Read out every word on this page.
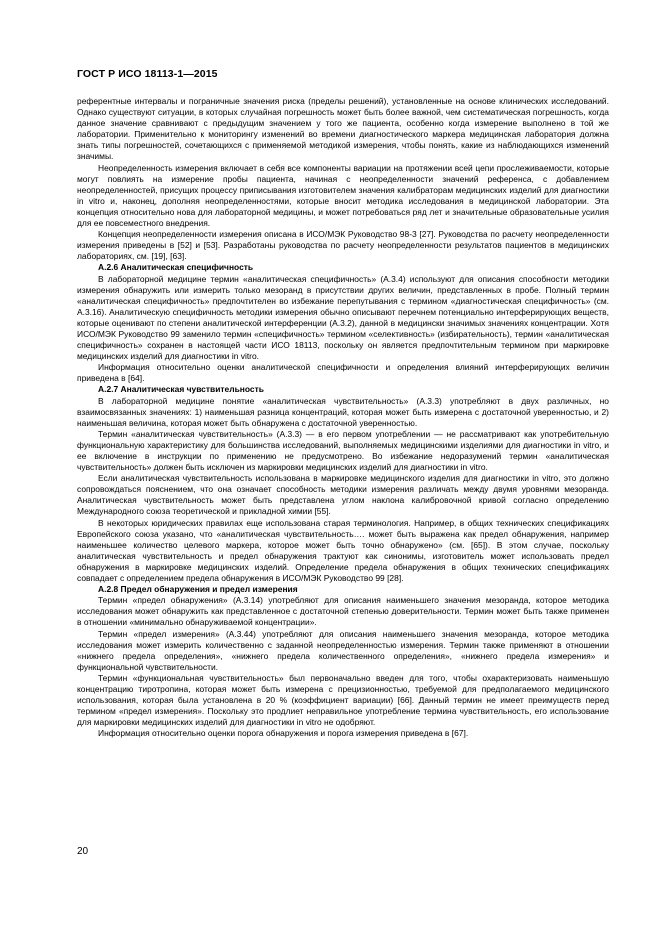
ГОСТ Р ИСО 18113-1—2015

референтные интервалы и пограничные значения риска (пределы решений), установленные на основе клинических исследований. Однако существуют ситуации, в которых случайная погрешность может быть более важной, чем систематическая погрешность, когда данное значение сравнивают с предыдущим значением у того же пациента, особенно когда измерение выполнено в той же лаборатории. Применительно к мониторингу изменений во времени диагностического маркера медицинская лаборатория должна знать типы погрешностей, сочетающихся с применяемой методикой измерения, чтобы понять, какие из наблюдающихся изменений значимы.

Неопределенность измерения включает в себя все компоненты вариации на протяжении всей цепи прослеживаемости, которые могут повлиять на измерение пробы пациента, начиная с неопределенности значений референса, с добавлением неопределенностей, присущих процессу приписывания изготовителем значения калибраторам медицинских изделий для диагностики in vitro и, наконец, дополняя неопределенностями, которые вносит методика исследования в медицинской лаборатории. Эта концепция относительно нова для лабораторной медицины, и может потребоваться ряд лет и значительные образовательные усилия для ее повсеместного внедрения.

Концепция неопределенности измерения описана в ИСО/МЭК Руководство 98-3 [27]. Руководства по расчету неопределенности измерения приведены в [52] и [53]. Разработаны руководства по расчету неопределенности результатов пациентов в медицинских лабораториях, см. [19], [63].

А.2.6 Аналитическая специфичность

В лабораторной медицине термин «аналитическая специфичность» (А.3.4) используют для описания способности методики измерения обнаружить или измерить только мезоранд в присутствии других величин, представленных в пробе. Полный термин «аналитическая специфичность» предпочтителен во избежание перепутывания с термином «диагностическая специфичность» (см. А.3.16). Аналитическую специфичность методики измерения обычно описывают перечнем потенциально интерферирующих веществ, которые оценивают по степени аналитической интерференции (А.3.2), данной в медицински значимых значениях концентрации. Хотя ИСО/МЭК Руководство 99 заменило термин «специфичность» термином «селективность» (избирательность), термин «аналитическая специфичность» сохранен в настоящей части ИСО 18113, поскольку он является предпочтительным термином при маркировке медицинских изделий для диагностики in vitro.

Информация относительно оценки аналитической специфичности и определения влияний интерферирующих величин приведена в [64].

А.2.7 Аналитическая чувствительность

В лабораторной медицине понятие «аналитическая чувствительность» (А.3.3) употребляют в двух различных, но взаимосвязанных значениях: 1) наименьшая разница концентраций, которая может быть измерена с достаточной уверенностью, и 2) наименьшая величина, которая может быть обнаружена с достаточной уверенностью.

Термин «аналитическая чувствительность» (А.3.3) — в его первом употреблении — не рассматривают как употребительную функциональную характеристику для большинства исследований, выполняемых медицинскими изделиями для диагностики in vitro, и ее включение в инструкции по применению не предусмотрено. Во избежание недоразумений термин «аналитическая чувствительность» должен быть исключен из маркировки медицинских изделий для диагностики in vitro.

Если аналитическая чувствительность использована в маркировке медицинского изделия для диагностики in vitro, это должно сопровождаться пояснением, что она означает способность методики измерения различать между двумя уровнями мезоранда. Аналитическая чувствительность может быть представлена углом наклона калибровочной кривой согласно определению Международного союза теоретической и прикладной химии [55].

В некоторых юридических правилах еще использована старая терминология. Например, в общих технических спецификациях Европейского союза указано, что «аналитическая чувствительность…. может быть выражена как предел обнаружения, например наименьшее количество целевого маркера, которое может быть точно обнаружено» (см. [65]). В этом случае, поскольку аналитическая чувствительность и предел обнаружения трактуют как синонимы, изготовитель может использовать предел обнаружения в маркировке медицинских изделий. Определение предела обнаружения в общих технических спецификациях совпадает с определением предела обнаружения в ИСО/МЭК Руководство 99 [28].

А.2.8 Предел обнаружения и предел измерения

Термин «предел обнаружения» (А.3.14) употребляют для описания наименьшего значения мезоранда, которое методика исследования может обнаружить как представленное с достаточной степенью доверительности. Термин может быть также применен в отношении «минимально обнаруживаемой концентрации».

Термин «предел измерения» (А.3.44) употребляют для описания наименьшего значения мезоранда, которое методика исследования может измерить количественно с заданной неопределенностью измерения. Термин также применяют в отношении «нижнего предела определения», «нижнего предела количественного определения», «нижнего предела измерения» и функциональной чувствительности.

Термин «функциональная чувствительность» был первоначально введен для того, чтобы охарактеризовать наименьшую концентрацию тиротропина, которая может быть измерена с прецизионностью, требуемой для предполагаемого медицинского использования, которая была установлена в 20 % (коэффициент вариации) [66]. Данный термин не имеет преимуществ перед термином «предел измерения». Поскольку это продлиет неправильное употребление термина чувствительность, его использование для маркировки медицинских изделий для диагностики in vitro не одобряют.

Информация относительно оценки порога обнаружения и порога измерения приведена в [67].

20
